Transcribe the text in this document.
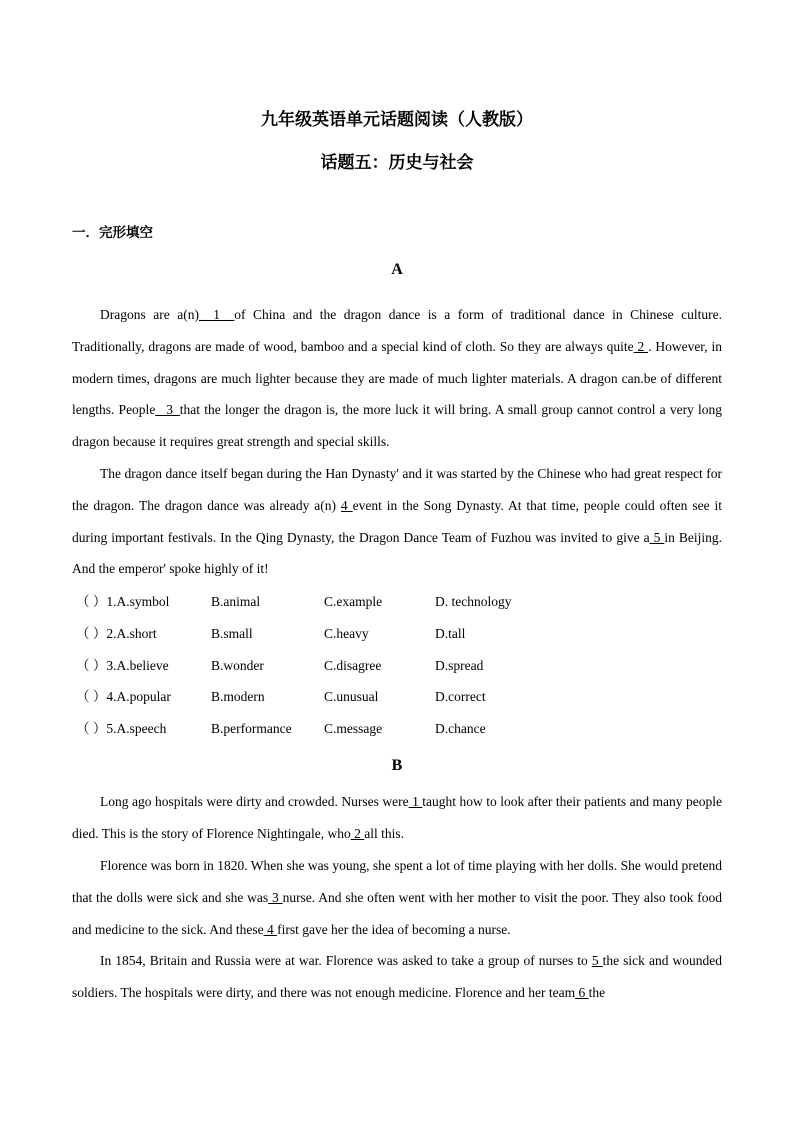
九年级英语单元话题阅读（人教版）
话题五：历史与社会
一．完形填空
A

Dragons are a(n)_ 1 _of China and the dragon dance is a form of traditional dance in Chinese culture. Traditionally, dragons are made of wood, bamboo and a special kind of cloth. So they are always quite 2 . However, in modern times, dragons are much lighter because they are made of much lighter materials. A dragon can.be of different lengths. People_ 3_that the longer the dragon is, the more luck it will bring. A small group cannot control a very long dragon because it requires great strength and special skills.

The dragon dance itself began during the Han Dynasty' and it was started by the Chinese who had great respect for the dragon. The dragon dance was already a(n) 4 event in the Song Dynasty. At that time, people could often see it during important festivals. In the Qing Dynasty, the Dragon Dance Team of Fuzhou was invited to give a 5 in Beijing. And the emperor' spoke highly of it!

（ ）1.A.symbol	B.animal	C.example	D. technology
（ ）2.A.short	B.small	C.heavy	D.tall
（ ）3.A.believe	B.wonder	C.disagree	D.spread
（ ）4.A.popular	B.modern	C.unusual	D.correct
（ ）5.A.speech	B.performance C.message	D.chance
B

Long ago hospitals were dirty and crowded. Nurses were 1 taught how to look after their patients and many people died. This is the story of Florence Nightingale, who 2 all this.

Florence was born in 1820. When she was young, she spent a lot of time playing with her dolls. She would pretend that the dolls were sick and she was 3 nurse. And she often went with her mother to visit the poor. They also took food and medicine to the sick. And these 4 first gave her the idea of becoming a nurse.

In 1854, Britain and Russia were at war. Florence was asked to take a group of nurses to 5 the sick and wounded soldiers. The hospitals were dirty, and there was not enough medicine. Florence and her team 6 the
